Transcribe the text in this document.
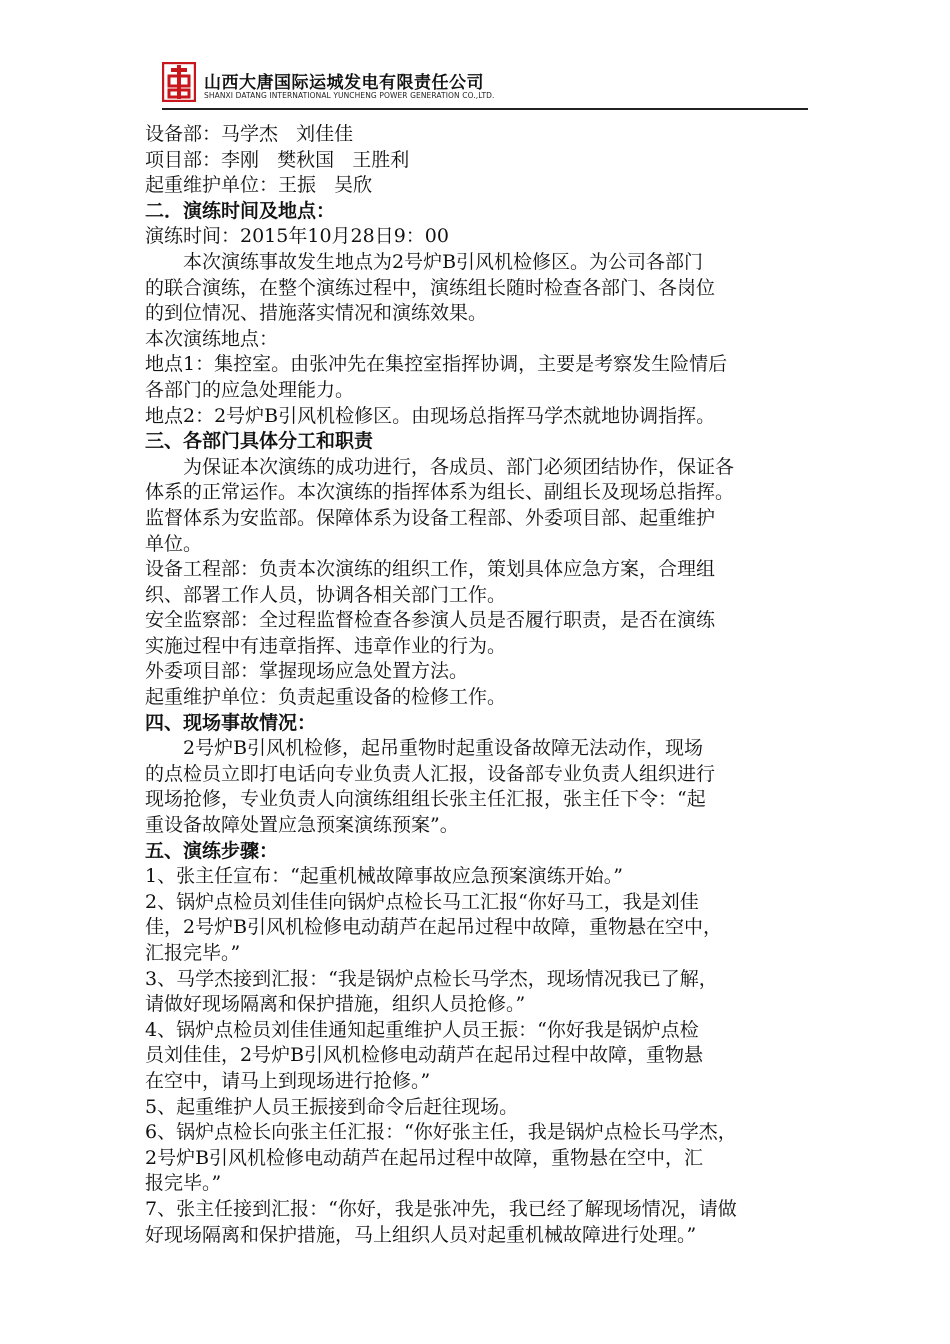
山西大唐国际运城发电有限责任公司
SHANXI DATANG INTERNATIONAL YUNCHENG POWER GENERATION CO.,LTD.

设备部：马学杰   刘佳佳

项目部：李刚   樊秋国   王胜利

起重维护单位：王振   吴欣

二．演练时间及地点：

演练时间：2015年10月28日9：00

本次演练事故发生地点为2号炉B引风机检修区。为公司各部门

的联合演练，在整个演练过程中，演练组长随时检查各部门、各岗位

的到位情况、措施落实情况和演练效果。

本次演练地点：

地点1：集控室。由张冲先在集控室指挥协调，主要是考察发生险情后

各部门的应急处理能力。

地点2：2号炉B引风机检修区。由现场总指挥马学杰就地协调指挥。

三、各部门具体分工和职责

为保证本次演练的成功进行，各成员、部门必须团结协作，保证各

体系的正常运作。本次演练的指挥体系为组长、副组长及现场总指挥。

监督体系为安监部。保障体系为设备工程部、外委项目部、起重维护

单位。

设备工程部：负责本次演练的组织工作，策划具体应急方案，合理组

织、部署工作人员，协调各相关部门工作。

安全监察部：全过程监督检查各参演人员是否履行职责，是否在演练

实施过程中有违章指挥、违章作业的行为。

外委项目部：掌握现场应急处置方法。

起重维护单位：负责起重设备的检修工作。

四、现场事故情况：

2号炉B引风机检修，起吊重物时起重设备故障无法动作，现场

的点检员立即打电话向专业负责人汇报，设备部专业负责人组织进行

现场抢修，专业负责人向演练组组长张主任汇报，张主任下令：“起

重设备故障处置应急预案演练预案”。

五、演练步骤：

1、张主任宣布：“起重机械故障事故应急预案演练开始。”

2、锅炉点检员刘佳佳向锅炉点检长马工汇报“你好马工，我是刘佳

佳，2号炉B引风机检修电动葫芦在起吊过程中故障，重物悬在空中，

汇报完毕。”

3、马学杰接到汇报：“我是锅炉点检长马学杰，现场情况我已了解，

请做好现场隔离和保护措施，组织人员抢修。”

4、锅炉点检员刘佳佳通知起重维护人员王振：“你好我是锅炉点检

员刘佳佳，2号炉B引风机检修电动葫芦在起吊过程中故障，重物悬

在空中，请马上到现场进行抢修。”

5、起重维护人员王振接到命令后赶往现场。

6、锅炉点检长向张主任汇报：“你好张主任，我是锅炉点检长马学杰，

2号炉B引风机检修电动葫芦在起吊过程中故障，重物悬在空中，汇

报完毕。”

7、张主任接到汇报：“你好，我是张冲先，我已经了解现场情况，请做

好现场隔离和保护措施，马上组织人员对起重机械故障进行处理。”
